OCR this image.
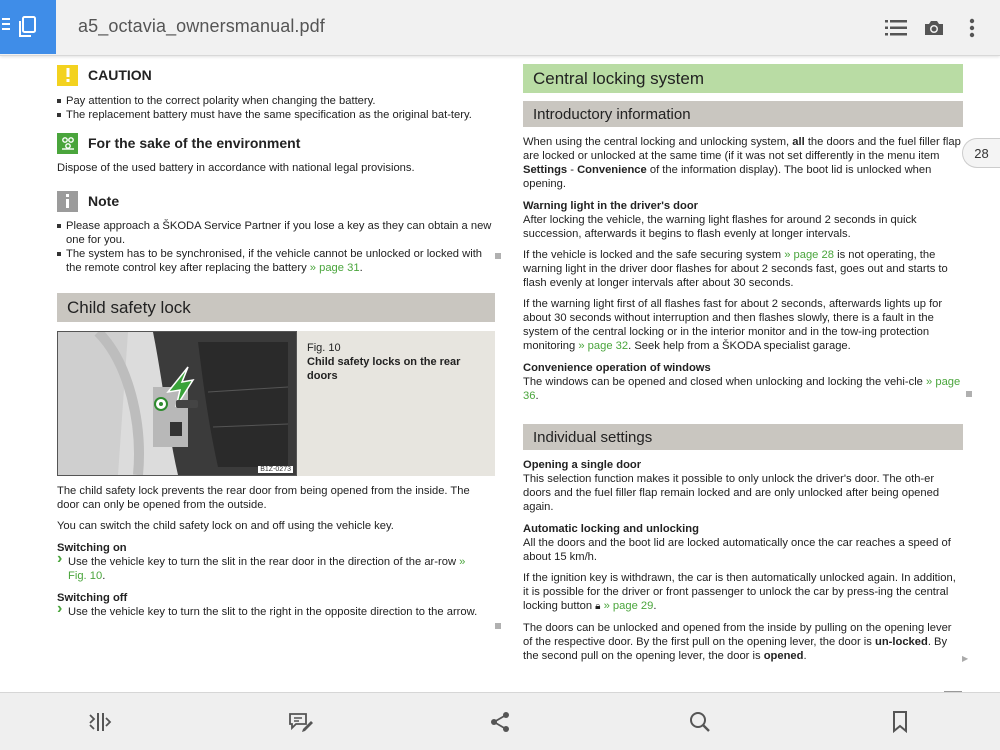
a5_octavia_ownersmanual.pdf
CAUTION
Pay attention to the correct polarity when changing the battery.
The replacement battery must have the same specification as the original bat-tery.
For the sake of the environment
Dispose of the used battery in accordance with national legal provisions.
Note
Please approach a ŠKODA Service Partner if you lose a key as they can obtain a new one for you.
The system has to be synchronised, if the vehicle cannot be unlocked or locked with the remote control key after replacing the battery » page 31.
Child safety lock
B1Z-0273
Fig. 10
Child safety locks on the rear doors
The child safety lock prevents the rear door from being opened from the inside. The door can only be opened from the outside.
You can switch the child safety lock on and off using the vehicle key.
Switching on
› Use the vehicle key to turn the slit in the rear door in the direction of the ar-row » Fig. 10.
Switching off
› Use the vehicle key to turn the slit to the right in the opposite direction to the arrow.
Central locking system
Introductory information
When using the central locking and unlocking system, all the doors and the fuel filler flap are locked or unlocked at the same time (if it was not set differently in the menu item Settings - Convenience of the information display). The boot lid is unlocked when opening.
Warning light in the driver's door
After locking the vehicle, the warning light flashes for around 2 seconds in quick succession, afterwards it begins to flash evenly at longer intervals.
If the vehicle is locked and the safe securing system » page 28 is not operating, the warning light in the driver door flashes for about 2 seconds fast, goes out and starts to flash evenly at longer intervals after about 30 seconds.
If the warning light first of all flashes fast for about 2 seconds, afterwards lights up for about 30 seconds without interruption and then flashes slowly, there is a fault in the system of the central locking or in the interior monitor and in the tow-ing protection monitoring » page 32. Seek help from a ŠKODA specialist garage.
Convenience operation of windows
The windows can be opened and closed when unlocking and locking the vehi-cle » page 36.
Individual settings
Opening a single door
This selection function makes it possible to only unlock the driver's door. The oth-er doors and the fuel filler flap remain locked and are only unlocked after being opened again.
Automatic locking and unlocking
All the doors and the boot lid are locked automatically once the car reaches a speed of about 15 km/h.
If the ignition key is withdrawn, the car is then automatically unlocked again. In addition, it is possible for the driver or front passenger to unlock the car by press-ing the central locking button 🔒︎ » page 29.
The doors can be unlocked and opened from the inside by pulling on the opening lever of the respective door. By the first pull on the opening lever, the door is un-locked. By the second pull on the opening lever, the door is opened.
28
▶
